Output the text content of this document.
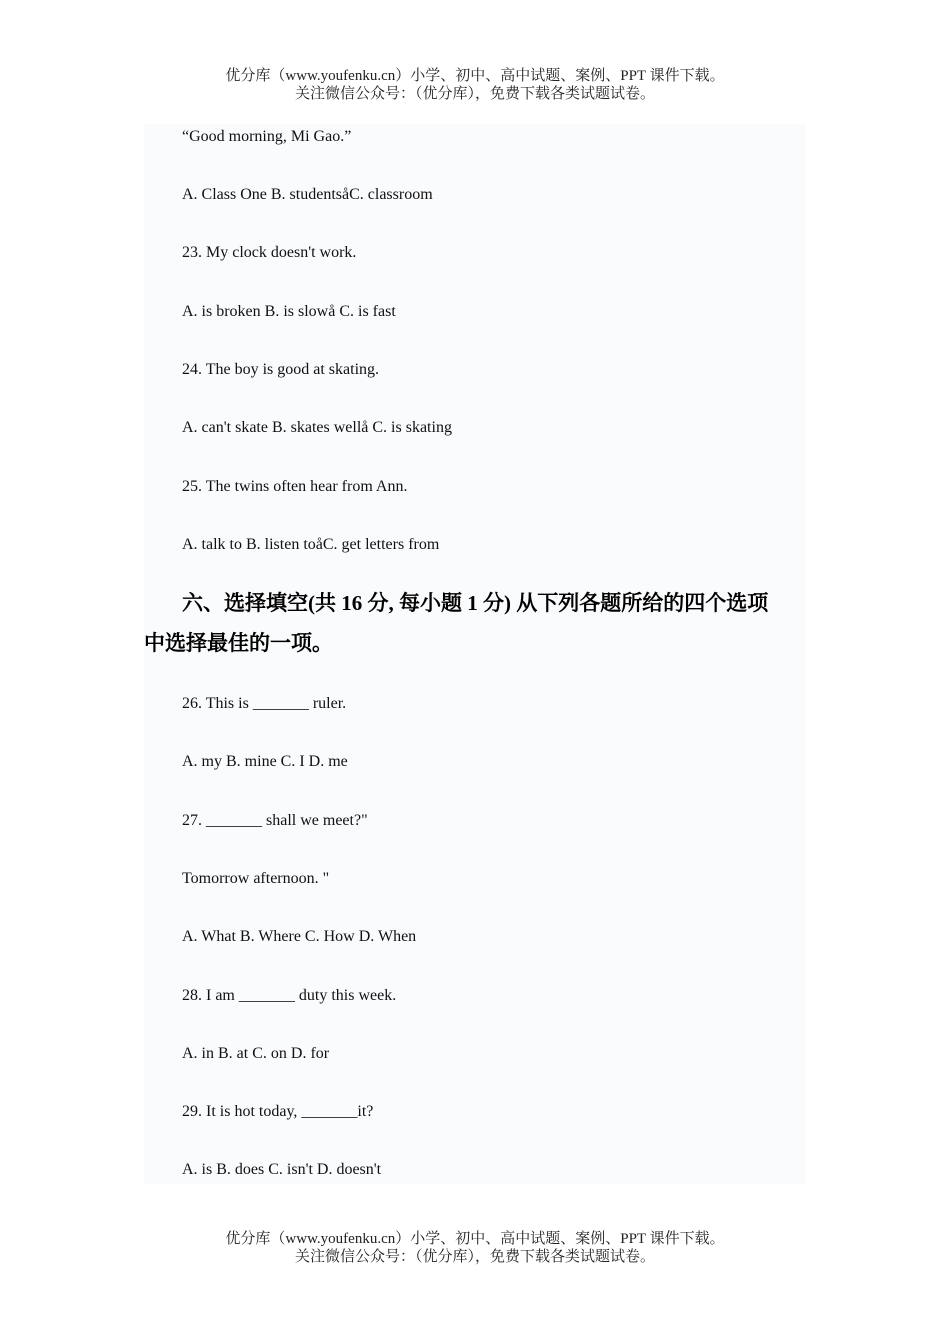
优分库（www.youfenku.cn）小学、初中、高中试题、案例、PPT 课件下载。
关注微信公众号：（优分库），免费下载各类试题试卷。
“Good morning, Mi Gao.”
A. Class One B. studentsåC. classroom
23. My clock doesn't work.
A. is broken B. is slowå C. is fast
24. The boy is good at skating.
A. can't skate B. skates wellå C. is skating
25. The twins often hear from Ann.
A. talk to B. listen toåC. get letters from
六、选择填空(共 16 分, 每小题 1 分) 从下列各题所给的四个选项
中选择最佳的一项。
26. This is _______ ruler.
A. my B. mine C. I D. me
27. _______ shall we meet?"
Tomorrow afternoon. "
A. What B. Where C. How D. When
28. I am _______ duty this week.
A. in B. at C. on D. for
29. It is hot today, _______it?
A. is B. does C. isn't D. doesn't
优分库（www.youfenku.cn）小学、初中、高中试题、案例、PPT 课件下载。
关注微信公众号：（优分库），免费下载各类试题试卷。
